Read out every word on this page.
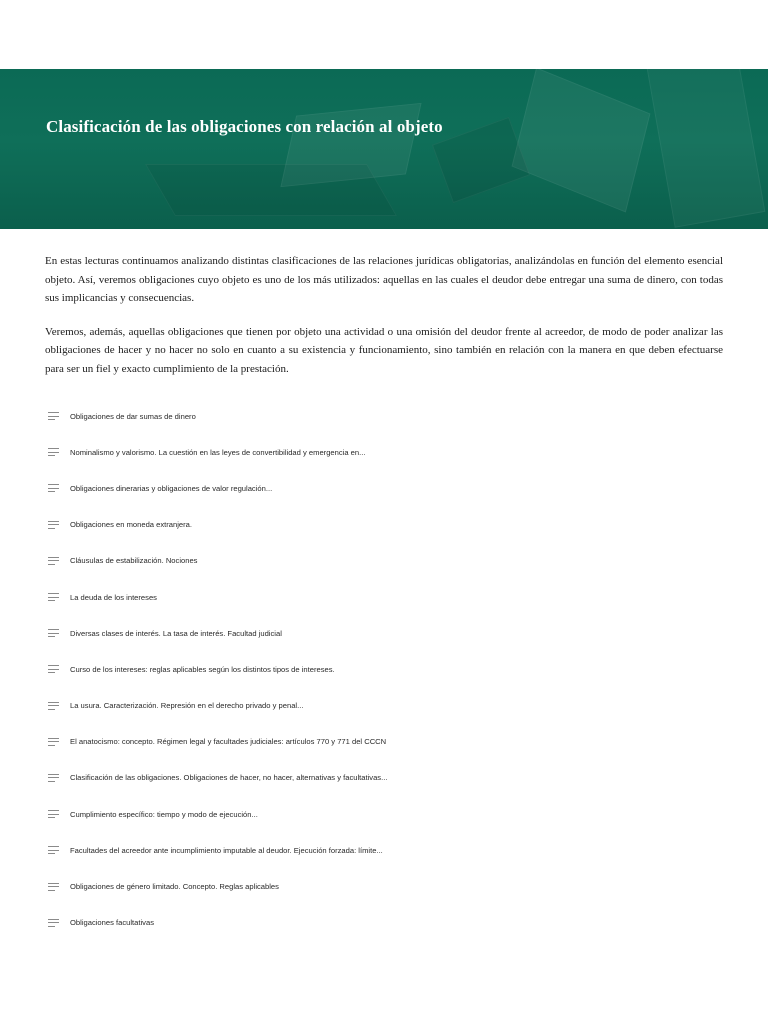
Clasificación de las obligaciones con relación al objeto

En estas lecturas continuamos analizando distintas clasificaciones de las relaciones jurídicas obligatorias, analizándolas en función del elemento esencial objeto. Así, veremos obligaciones cuyo objeto es uno de los más utilizados: aquellas en las cuales el deudor debe entregar una suma de dinero, con todas sus implicancias y consecuencias.

Veremos, además, aquellas obligaciones que tienen por objeto una actividad o una omisión del deudor frente al acreedor, de modo de poder analizar las obligaciones de hacer y no hacer no solo en cuanto a su existencia y funcionamiento, sino también en relación con la manera en que deben efectuarse para ser un fiel y exacto cumplimiento de la prestación.

Obligaciones de dar sumas de dinero
Nominalismo y valorismo. La cuestión en las leyes de convertibilidad y emergencia en...
Obligaciones dinerarias y obligaciones de valor regulación...
Obligaciones en moneda extranjera.
Cláusulas de estabilización. Nociones
La deuda de los intereses
Diversas clases de interés. La tasa de interés. Facultad judicial
Curso de los intereses: reglas aplicables según los distintos tipos de intereses.
La usura. Caracterización. Represión en el derecho privado y penal...
El anatocismo: concepto. Régimen legal y facultades judiciales: artículos 770 y 771 del CCCN
Clasificación de las obligaciones. Obligaciones de hacer, no hacer, alternativas y facultativas...
Cumplimiento específico: tiempo y modo de ejecución...
Facultades del acreedor ante incumplimiento imputable al deudor. Ejecución forzada: límite...
Obligaciones de género limitado. Concepto. Reglas aplicables
Obligaciones facultativas
